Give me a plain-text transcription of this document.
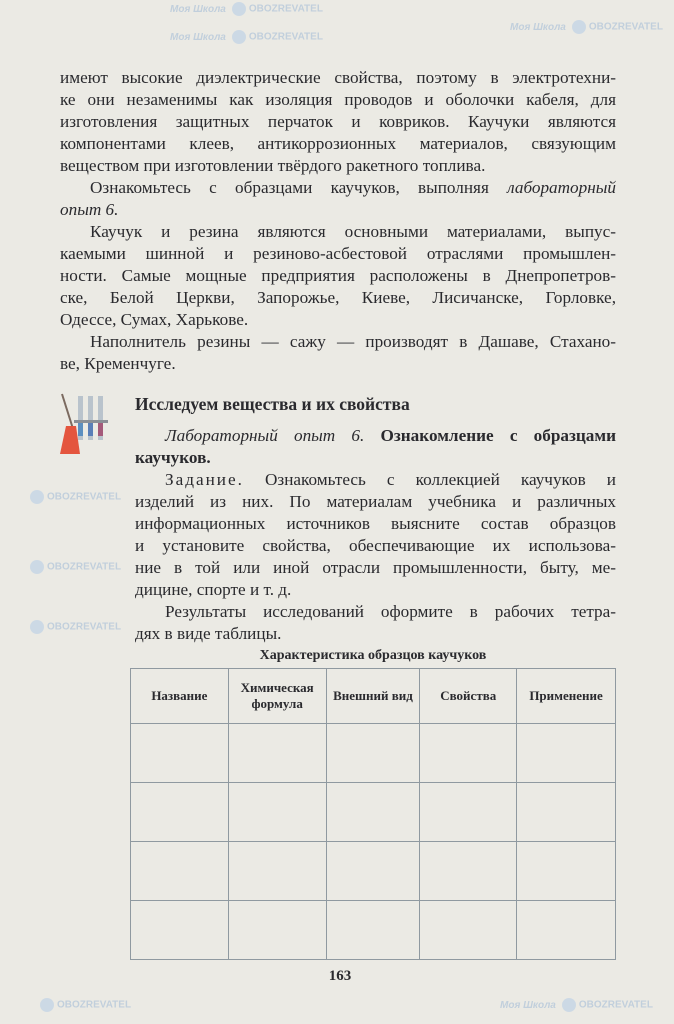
Моя Школа OBOZREVATEL
Моя Школа OBOZREVATEL
Моя Школа OBOZREVATEL
OBOZREVATEL
OBOZREVATEL
OBOZREVATEL
Моя Школа OBOZREVATEL
OBOZREVATEL
имеют высокие диэлектрические свойства, поэтому в электротехни-
ке они незаменимы как изоляция проводов и оболочки кабеля, для
изготовления защитных перчаток и ковриков. Каучуки являются
компонентами клеев, антикоррозионных материалов, связующим
веществом при изготовлении твёрдого ракетного топлива.
Ознакомьтесь с образцами каучуков, выполняя лабораторный
опыт 6.
Каучук и резина являются основными материалами, выпус-
каемыми шинной и резиново-асбестовой отраслями промышлен-
ности. Самые мощные предприятия расположены в Днепропетров-
ске, Белой Церкви, Запорожье, Киеве, Лисичанске, Горловке,
Одессе, Сумах, Харькове.
Наполнитель резины — сажу — производят в Дашаве, Стахано-
ве, Кременчуге.
Исследуем вещества и их свойства
Лабораторный опыт 6. Ознакомление с образцами
каучуков.
Задание. Ознакомьтесь с коллекцией каучуков и
изделий из них. По материалам учебника и различных
информационных источников выясните состав образцов
и установите свойства, обеспечивающие их использова-
ние в той или иной отрасли промышленности, быту, ме-
дицине, спорте и т. д.
Результаты исследований оформите в рабочих тетра-
дях в виде таблицы.
Характеристика образцов каучуков
Название	Химическая формула	Внешний вид	Свойства	Применение

163
